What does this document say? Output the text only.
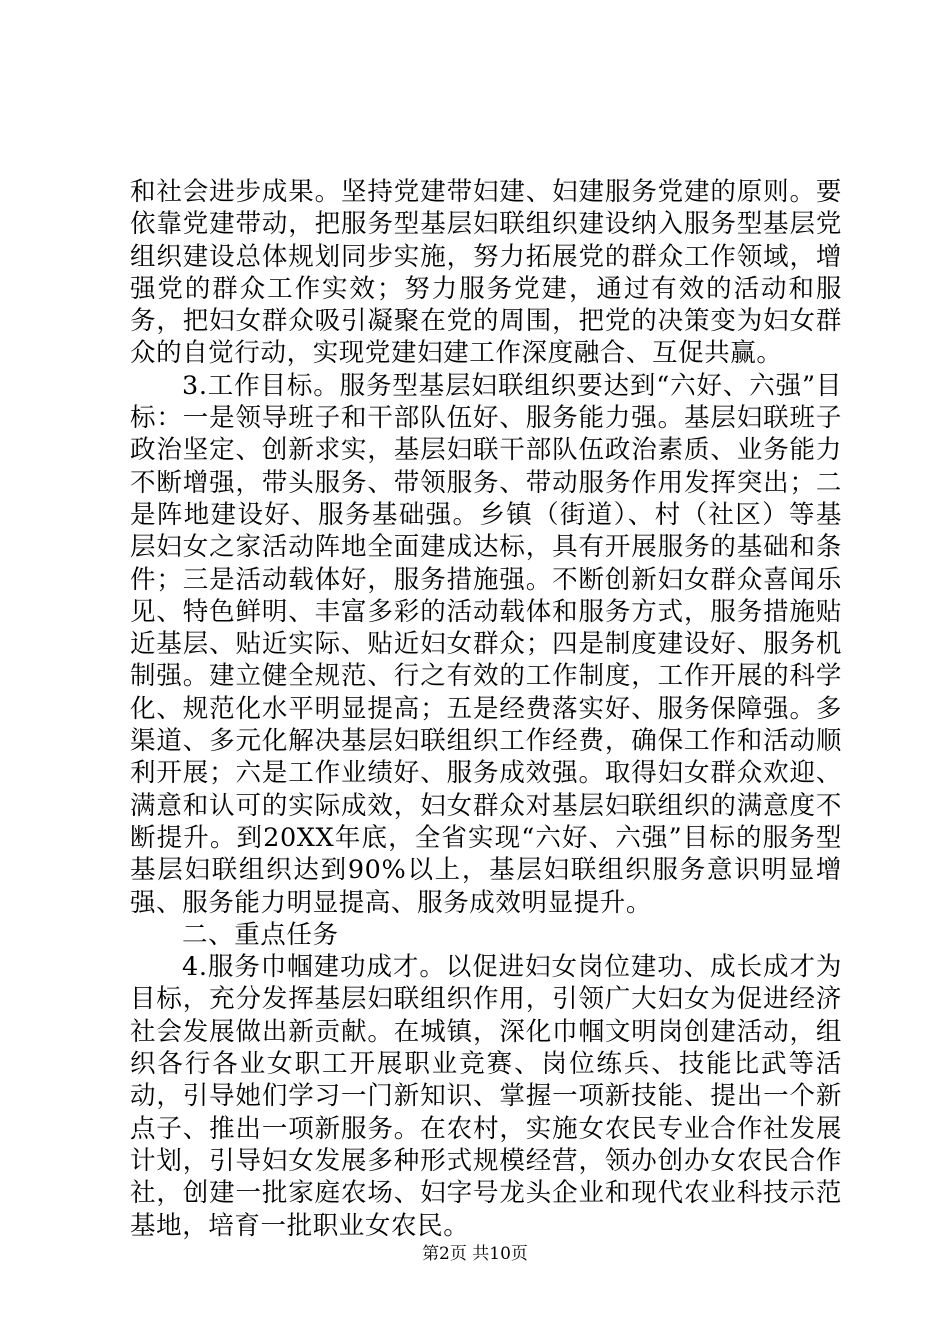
和社会进步成果。坚持党建带妇建、妇建服务党建的原则。要依靠党建带动，把服务型基层妇联组织建设纳入服务型基层党组织建设总体规划同步实施，努力拓展党的群众工作领域，增强党的群众工作实效；努力服务党建，通过有效的活动和服务，把妇女群众吸引凝聚在党的周围，把党的决策变为妇女群众的自觉行动，实现党建妇建工作深度融合、互促共赢。

3.工作目标。服务型基层妇联组织要达到“六好、六强”目标：一是领导班子和干部队伍好、服务能力强。基层妇联班子政治坚定、创新求实，基层妇联干部队伍政治素质、业务能力不断增强，带头服务、带领服务、带动服务作用发挥突出；二是阵地建设好、服务基础强。乡镇（街道）、村（社区）等基层妇女之家活动阵地全面建成达标，具有开展服务的基础和条件；三是活动载体好，服务措施强。不断创新妇女群众喜闻乐见、特色鲜明、丰富多彩的活动载体和服务方式，服务措施贴近基层、贴近实际、贴近妇女群众；四是制度建设好、服务机制强。建立健全规范、行之有效的工作制度，工作开展的科学化、规范化水平明显提高；五是经费落实好、服务保障强。多渠道、多元化解决基层妇联组织工作经费，确保工作和活动顺利开展；六是工作业绩好、服务成效强。取得妇女群众欢迎、满意和认可的实际成效，妇女群众对基层妇联组织的满意度不断提升。到20XX年底，全省实现“六好、六强”目标的服务型基层妇联组织达到90%以上，基层妇联组织服务意识明显增强、服务能力明显提高、服务成效明显提升。

二、重点任务

4.服务巾帼建功成才。以促进妇女岗位建功、成长成才为目标，充分发挥基层妇联组织作用，引领广大妇女为促进经济社会发展做出新贡献。在城镇，深化巾帼文明岗创建活动，组织各行各业女职工开展职业竞赛、岗位练兵、技能比武等活动，引导她们学习一门新知识、掌握一项新技能、提出一个新点子、推出一项新服务。在农村，实施女农民专业合作社发展计划，引导妇女发展多种形式规模经营，领办创办女农民合作社，创建一批家庭农场、妇字号龙头企业和现代农业科技示范基地，培育一批职业女农民。

第2页 共10页
